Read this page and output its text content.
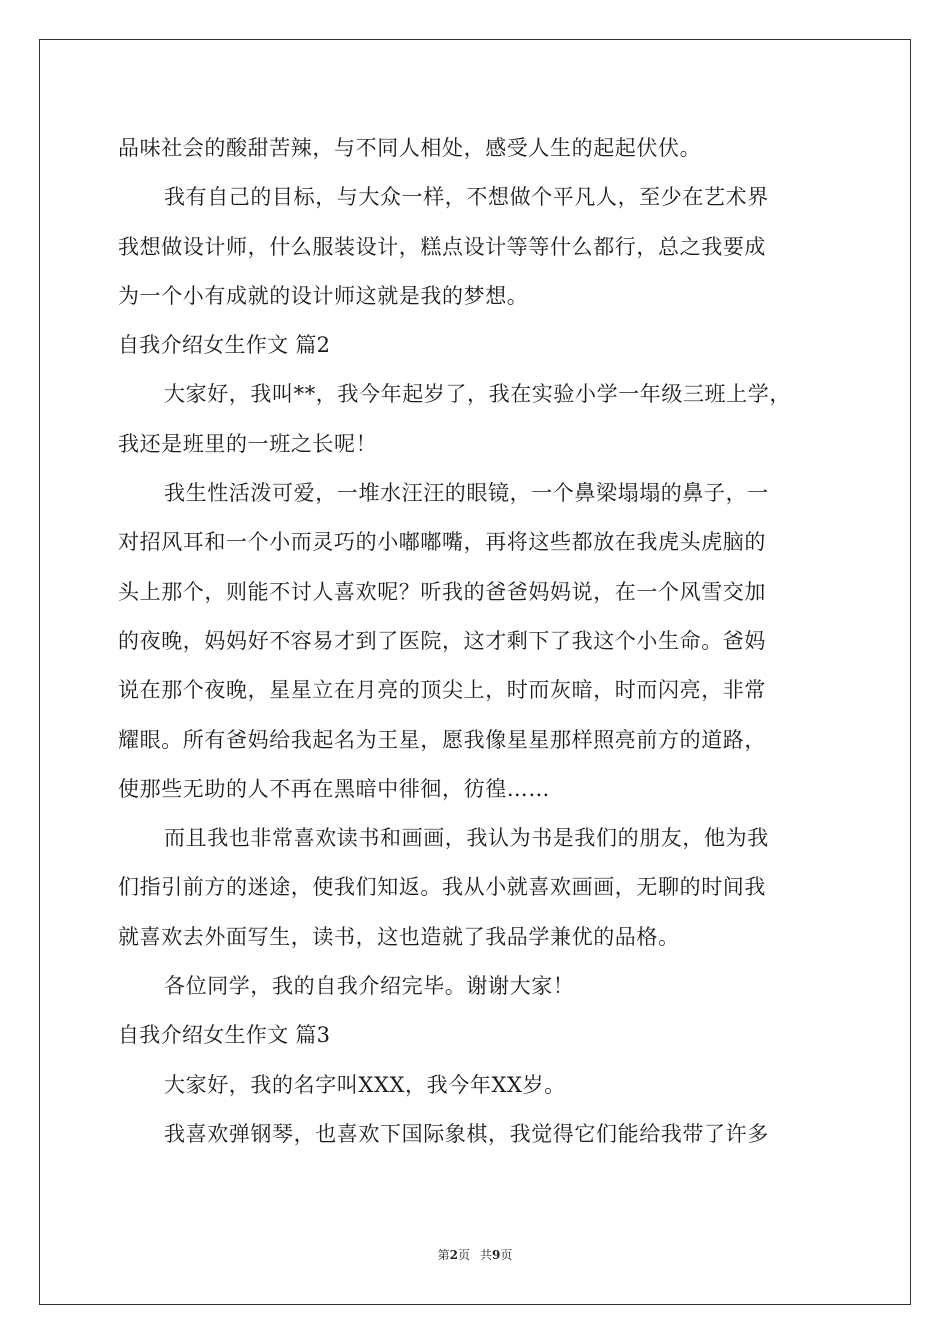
品味社会的酸甜苦辣，与不同人相处，感受人生的起起伏伏。
我有自己的目标，与大众一样，不想做个平凡人，至少在艺术界
我想做设计师，什么服装设计，糕点设计等等什么都行，总之我要成
为一个小有成就的设计师这就是我的梦想。
自我介绍女生作文 篇2
大家好，我叫**，我今年起岁了，我在实验小学一年级三班上学，
我还是班里的一班之长呢！
我生性活泼可爱，一堆水汪汪的眼镜，一个鼻梁塌塌的鼻子，一
对招风耳和一个小而灵巧的小嘟嘟嘴，再将这些都放在我虎头虎脑的
头上那个，则能不讨人喜欢呢？听我的爸爸妈妈说，在一个风雪交加
的夜晚，妈妈好不容易才到了医院，这才剩下了我这个小生命。爸妈
说在那个夜晚，星星立在月亮的顶尖上，时而灰暗，时而闪亮，非常
耀眼。所有爸妈给我起名为王星，愿我像星星那样照亮前方的道路，
使那些无助的人不再在黑暗中徘徊，彷徨……
而且我也非常喜欢读书和画画，我认为书是我们的朋友，他为我
们指引前方的迷途，使我们知返。我从小就喜欢画画，无聊的时间我
就喜欢去外面写生，读书，这也造就了我品学兼优的品格。
各位同学，我的自我介绍完毕。谢谢大家！
自我介绍女生作文 篇3
大家好，我的名字叫XXX，我今年XX岁。
我喜欢弹钢琴，也喜欢下国际象棋，我觉得它们能给我带了许多
第2页 共9页
